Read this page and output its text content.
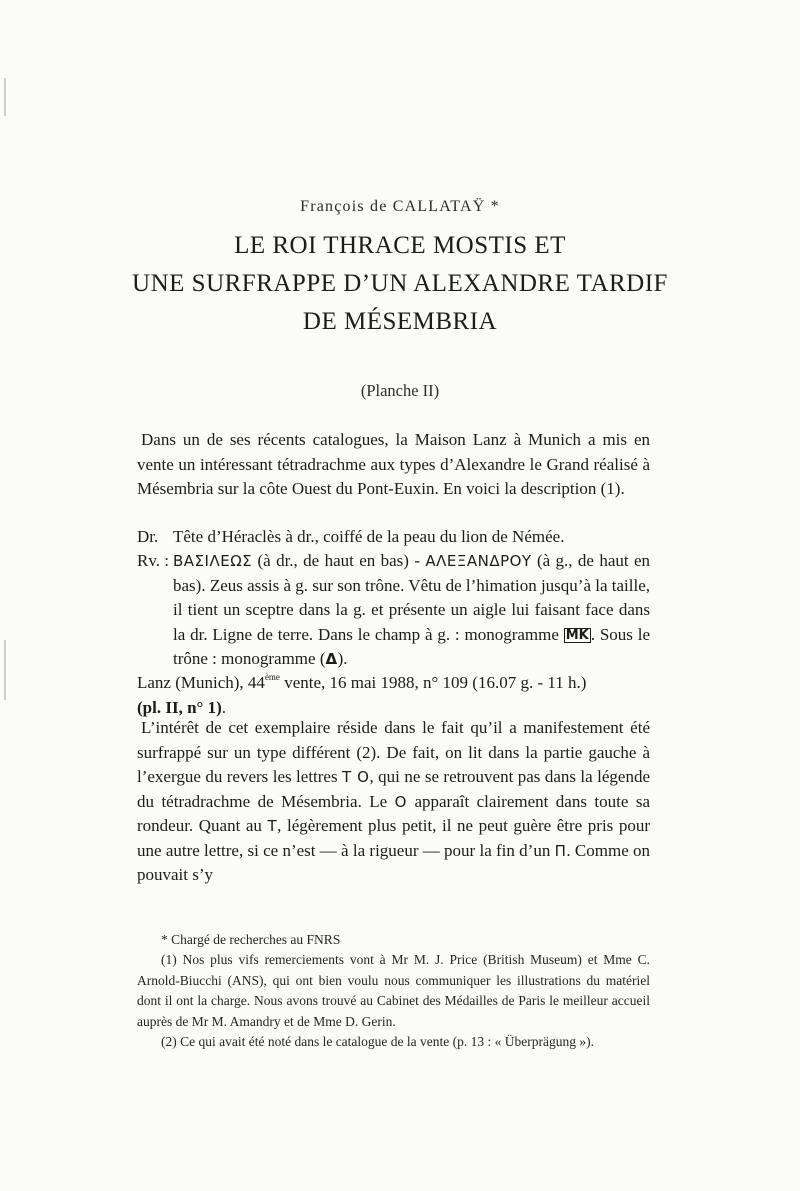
François de CALLATAŸ *
LE ROI THRACE MOSTIS ET
UNE SURFRAPPE D’UN ALEXANDRE TARDIF
DE MÉSEMBRIA
(Planche II)
Dans un de ses récents catalogues, la Maison Lanz à Munich a mis en vente un intéressant tétradrachme aux types d’Alexandre le Grand réalisé à Mésembria sur la côte Ouest du Pont-Euxin. En voici la description (1).
Dr. Tête d’Héraclès à dr., coiffé de la peau du lion de Némée.
Rv. : ΒΑΣΙΛΕΩΣ (à dr., de haut en bas) - ΑΛΕΞΑΝΔΡΟΥ (à g., de haut en bas). Zeus assis à g. sur son trône. Vêtu de l’himation jusqu’à la taille, il tient un sceptre dans la g. et présente un aigle lui faisant face dans la dr. Ligne de terre. Dans le champ à g. : monogramme ΜΚ . Sous le trône : monogramme (Δ).
Lanz (Munich), 44ème vente, 16 mai 1988, n° 109 (16.07 g. - 11 h.)
(pl. II, n° 1).
L’intérêt de cet exemplaire réside dans le fait qu’il a manifestement été surfrappé sur un type différent (2). De fait, on lit dans la partie gauche à l’exergue du revers les lettres Τ Ο, qui ne se retrouvent pas dans la légende du tétradrachme de Mésembria. Le Ο apparaît clairement dans toute sa rondeur. Quant au Τ, légèrement plus petit, il ne peut guère être pris pour une autre lettre, si ce n’est — à la rigueur — pour la fin d’un Π. Comme on pouvait s’y
* Chargé de recherches au FNRS
(1) Nos plus vifs remerciements vont à Mr M. J. Price (British Museum) et Mme C. Arnold-Biucchi (ANS), qui ont bien voulu nous communiquer les illustrations du matériel dont il ont la charge. Nous avons trouvé au Cabinet des Médailles de Paris le meilleur accueil auprès de Mr M. Amandry et de Mme D. Gerin.
(2) Ce qui avait été noté dans le catalogue de la vente (p. 13 : « Überprägung »).
